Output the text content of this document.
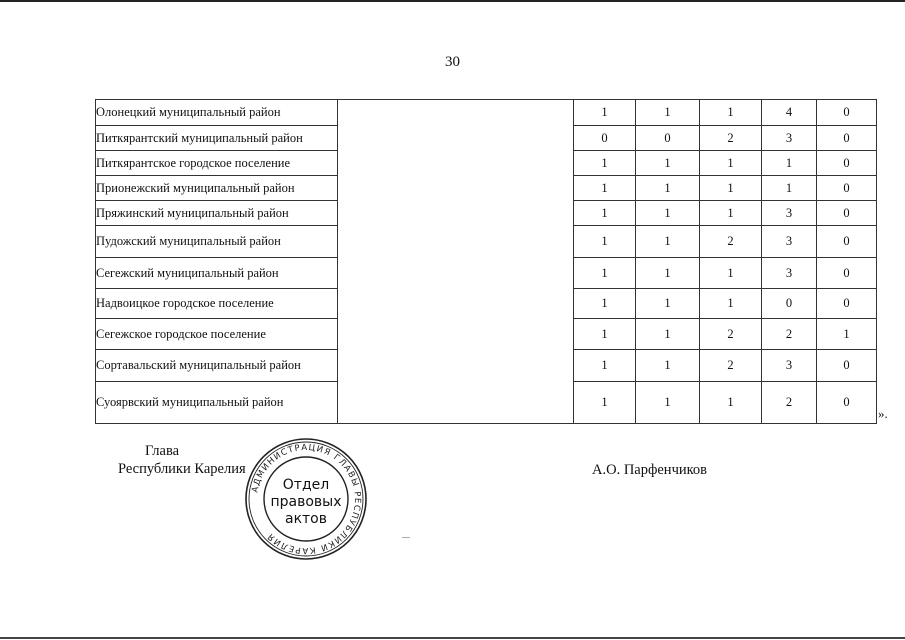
30
Олонецкий муниципальный район		1	1	1	4	0
Питкярантский муниципальный район		0	0	2	3	0
Питкярантское городское поселение		1	1	1	1	0
Прионежский муниципальный район		1	1	1	1	0
Пряжинский муниципальный район		1	1	1	3	0
Пудожский муниципальный район		1	1	2	3	0
Сегежский муниципальный район		1	1	1	3	0
Надвоицкое городское поселение		1	1	1	0	0
Сегежское городское поселение		1	1	2	2	1
Сортавальский муниципальный район		1	1	2	3	0
Суоярвский муниципальный район		1	1	1	2	0
».
Глава
Республики Карелия
АДМИНИСТРАЦИЯ ГЛАВЫ РЕСПУБЛИКИ КАРЕЛИЯ
Отдел
правовых
актов
А.О. Парфенчиков
